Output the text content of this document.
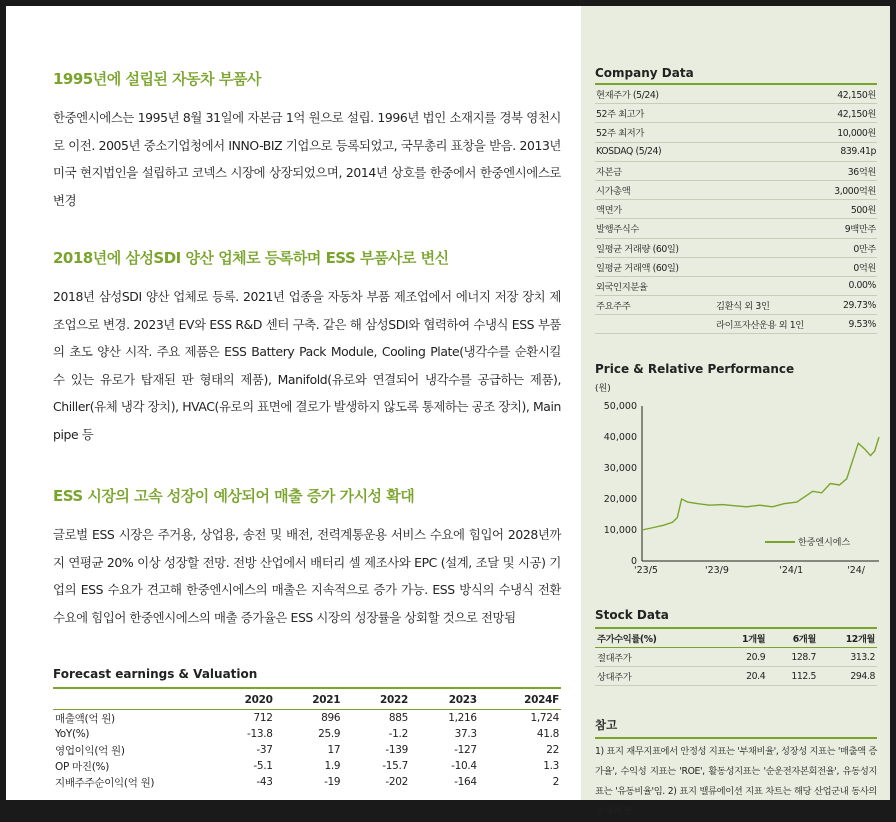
1995년에 설립된 자동차 부품사

한중엔시에스는 1995년 8월 31일에 자본금 1억 원으로 설립. 1996년 법인 소재지를 경북 영천시로 이전. 2005년 중소기업청에서 INNO-BIZ 기업으로 등록되었고, 국무총리 표창을 받음. 2013년 미국 현지법인을 설립하고 코넥스 시장에 상장되었으며, 2014년 상호를 한중에서 한중엔시에스로 변경

2018년에 삼성SDI 양산 업체로 등록하며 ESS 부품사로 변신

2018년 삼성SDI 양산 업체로 등록. 2021년 업종을 자동차 부품 제조업에서 에너지 저장 장치 제조업으로 변경. 2023년 EV와 ESS R&D 센터 구축. 같은 해 삼성SDI와 협력하여 수냉식 ESS 부품의 초도 양산 시작. 주요 제품은 ESS Battery Pack Module, Cooling Plate(냉각수를 순환시킬 수 있는 유로가 탑재된 판 형태의 제품), Manifold(유로와 연결되어 냉각수를 공급하는 제품), Chiller(유체 냉각 장치), HVAC(유로의 표면에 결로가 발생하지 않도록 통제하는 공조 장치), Main pipe 등

ESS 시장의 고속 성장이 예상되어 매출 증가 가시성 확대

글로벌 ESS 시장은 주거용, 상업용, 송전 및 배전, 전력계통운용 서비스 수요에 힘입어 2028년까지 연평균 20% 이상 성장할 전망. 전방 산업에서 배터리 셀 제조사와 EPC (설계, 조달 및 시공) 기업의 ESS 수요가 견고해 한중엔시에스의 매출은 지속적으로 증가 가능. ESS 방식의 수냉식 전환 수요에 힘입어 한중엔시에스의 매출 증가율은 ESS 시장의 성장률을 상회할 것으로 전망됨

Forecast earnings & Valuation
	2020	2021	2022	2023	2024F
매출액(억 원)	712	896	885	1,216	1,724
YoY(%)	-13.8	25.9	-1.2	37.3	41.8
영업이익(억 원)	-37	17	-139	-127	22
OP 마진(%)	-5.1	1.9	-15.7	-10.4	1.3
지배주주순이익(억 원)	-43	-19	-202	-164	2
Company Data
현재주가 (5/24)		42,150원
52주 최고가		42,150원
52주 최저가		10,000원
KOSDAQ (5/24)		839.41p
자본금		36억원
시가총액		3,000억원
액면가		500원
발행주식수		9백만주
일평균 거래량 (60일)		0만주
일평균 거래액 (60일)		0억원
외국인지분율		0.00%
주요주주	김환식 외 3인	29.73%
	라이프자산운용 외 1인	9.53%
Price & Relative Performance
(원)
50,000
40,000
30,000
20,000
10,000
0
'23/5	'23/9	'24/1	'24/
한중엔시에스
Stock Data
주가수익률(%)	1개월	6개월	12개월
절대주가	20.9	128.7	313.2
상대주가	20.4	112.5	294.8
참고

1) 표지 재무지표에서 안정성 지표는 '부채비율', 성장성 지표는 '매출액 증가율', 수익성 지표는 'ROE', 활동성지표는 '순운전자본회전율', 유동성지표는 '유동비율'임. 2) 표지 밸류에이션 지표 차트는 해당 산업군내 동사의 상대적 밸
